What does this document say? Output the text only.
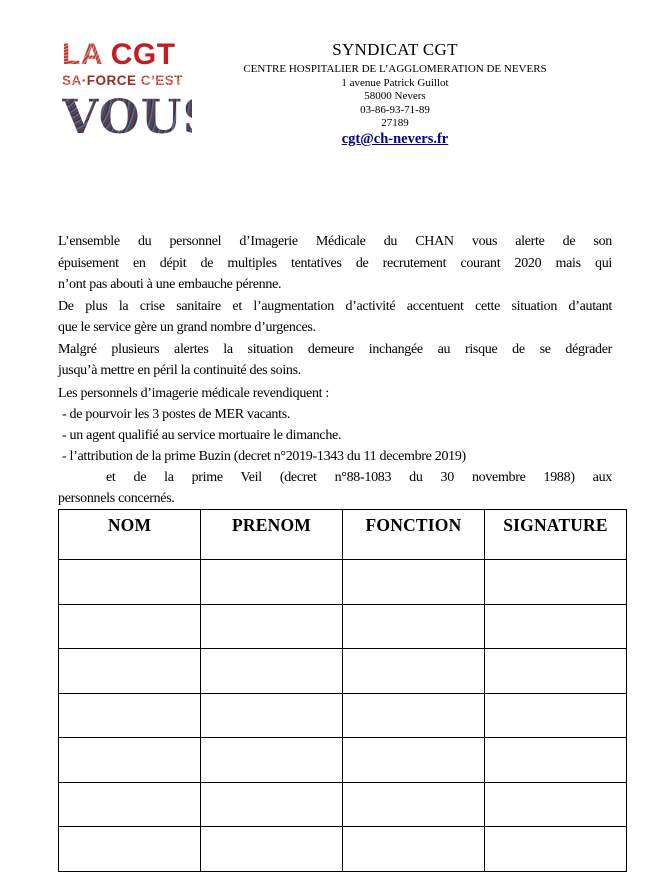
LA CGT
SA·FORCE C’EST
VOUS.
SYNDICAT CGT
CENTRE HOSPITALIER DE L’AGGLOMERATION DE NEVERS
1 avenue Patrick Guillot
58000 Nevers
03-86-93-71-89
27189
cgt@ch-nevers.fr
L’ensemble du personnel d’Imagerie Médicale du CHAN vous alerte de son
épuisement en dépit de multiples tentatives de recrutement courant 2020 mais qui
n’ont pas abouti à une embauche pérenne.
De plus la crise sanitaire et l’augmentation d’activité accentuent cette situation d’autant
que le service gère un grand nombre d’urgences.
Malgré plusieurs alertes la situation demeure inchangée au risque de se dégrader
jusqu’à mettre en péril la continuité des soins.
Les personnels d’imagerie médicale revendiquent :
- de pourvoir les 3 postes de MER vacants.
- un agent qualifié au service mortuaire le dimanche.
- l’attribution de la prime Buzin (decret n°2019-1343 du 11 decembre 2019)
et de la prime Veil (decret n°88-1083 du 30 novembre 1988) aux
personnels concernés.
NOM	PRENOM	FONCTION	SIGNATURE
